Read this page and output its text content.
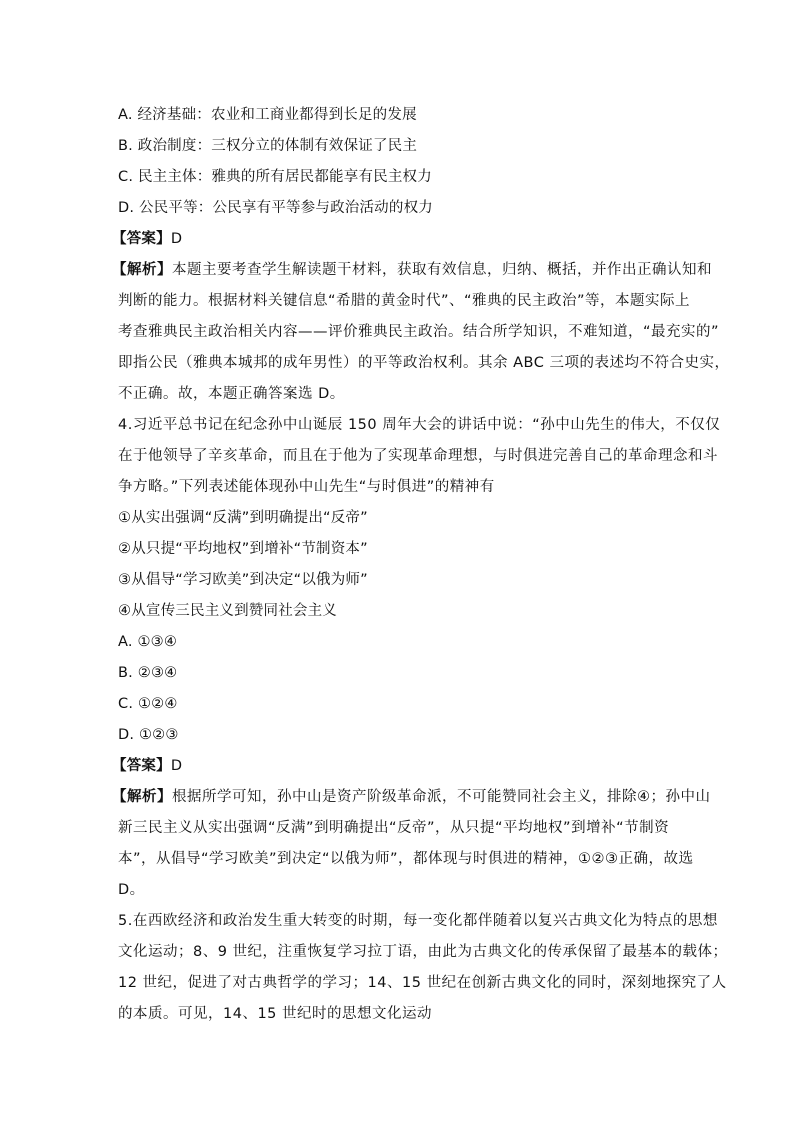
A. 经济基础：农业和工商业都得到长足的发展
B. 政治制度：三权分立的体制有效保证了民主
C. 民主主体：雅典的所有居民都能享有民主权力
D. 公民平等：公民享有平等参与政治活动的权力
【答案】D
【解析】本题主要考查学生解读题干材料，获取有效信息，归纳、概括，并作出正确认知和
判断的能力。根据材料关键信息“希腊的黄金时代”、“雅典的民主政治”等，本题实际上
考查雅典民主政治相关内容——评价雅典民主政治。结合所学知识，不难知道，“最充实的”
即指公民（雅典本城邦的成年男性）的平等政治权利。其余 ABC 三项的表述均不符合史实，
不正确。故，本题正确答案选 D。
4.习近平总书记在纪念孙中山诞辰 150 周年大会的讲话中说：“孙中山先生的伟大，不仅仅
在于他领导了辛亥革命，而且在于他为了实现革命理想，与时俱进完善自己的革命理念和斗
争方略。”下列表述能体现孙中山先生“与时俱进”的精神有
①从实出强调“反满”到明确提出“反帝”
②从只提“平均地权”到增补“节制资本”
③从倡导“学习欧美”到决定“以俄为师”
④从宣传三民主义到赞同社会主义
A. ①③④
B. ②③④
C. ①②④
D. ①②③
【答案】D
【解析】根据所学可知，孙中山是资产阶级革命派，不可能赞同社会主义，排除④；孙中山
新三民主义从实出强调“反满”到明确提出“反帝”，从只提“平均地权”到增补“节制资
本”，从倡导“学习欧美”到决定“以俄为师”，都体现与时俱进的精神，①②③正确，故选
D。
5.在西欧经济和政治发生重大转变的时期，每一变化都伴随着以复兴古典文化为特点的思想
文化运动；8、9 世纪，注重恢复学习拉丁语，由此为古典文化的传承保留了最基本的载体；
12 世纪，促进了对古典哲学的学习；14、15 世纪在创新古典文化的同时，深刻地探究了人
的本质。可见，14、15 世纪时的思想文化运动
